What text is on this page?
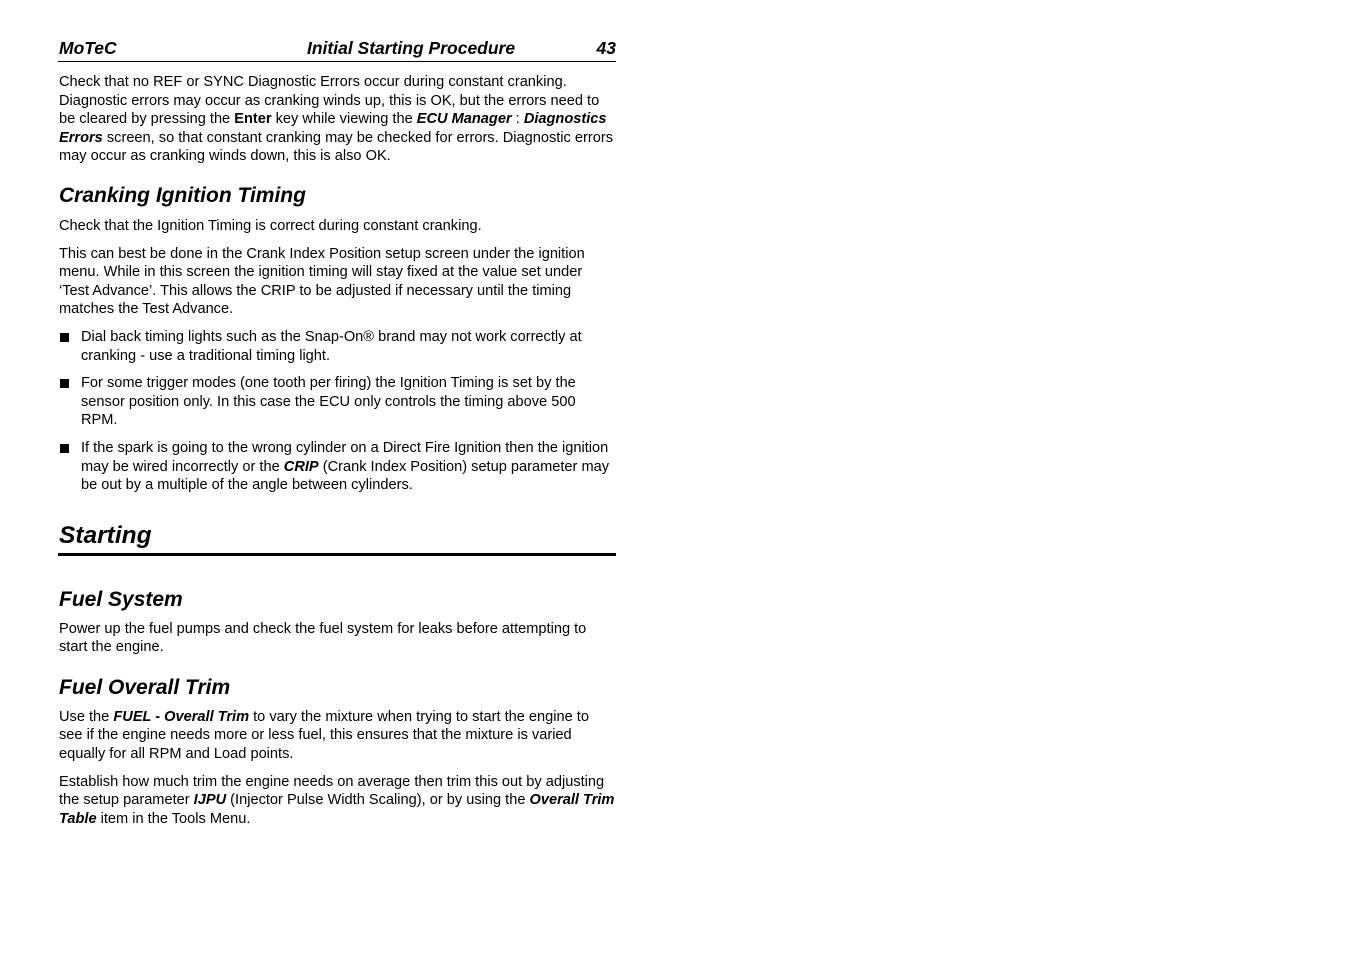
MoTeC	Initial Starting Procedure	43

Check that no REF or SYNC Diagnostic Errors occur during constant cranking. Diagnostic errors may occur as cranking winds up, this is OK, but the errors need to be cleared by pressing the Enter key while viewing the ECU Manager : Diagnostics Errors screen, so that constant cranking may be checked for errors. Diagnostic errors may occur as cranking winds down, this is also OK.

Cranking Ignition Timing

Check that the Ignition Timing is correct during constant cranking.

This can best be done in the Crank Index Position setup screen under the ignition menu. While in this screen the ignition timing will stay fixed at the value set under ‘Test Advance’. This allows the CRIP to be adjusted if necessary until the timing matches the Test Advance.

Dial back timing lights such as the Snap-On® brand may not work correctly at cranking - use a traditional timing light.
For some trigger modes (one tooth per firing) the Ignition Timing is set by the sensor position only. In this case the ECU only controls the timing above 500 RPM.
If the spark is going to the wrong cylinder on a Direct Fire Ignition then the ignition may be wired incorrectly or the CRIP (Crank Index Position) setup parameter may be out by a multiple of the angle between cylinders.
Starting
Fuel System

Power up the fuel pumps and check the fuel system for leaks before attempting to start the engine.

Fuel Overall Trim

Use the FUEL - Overall Trim to vary the mixture when trying to start the engine to see if the engine needs more or less fuel, this ensures that the mixture is varied equally for all RPM and Load points.

Establish how much trim the engine needs on average then trim this out by adjusting the setup parameter IJPU (Injector Pulse Width Scaling), or by using the Overall Trim Table item in the Tools Menu.
